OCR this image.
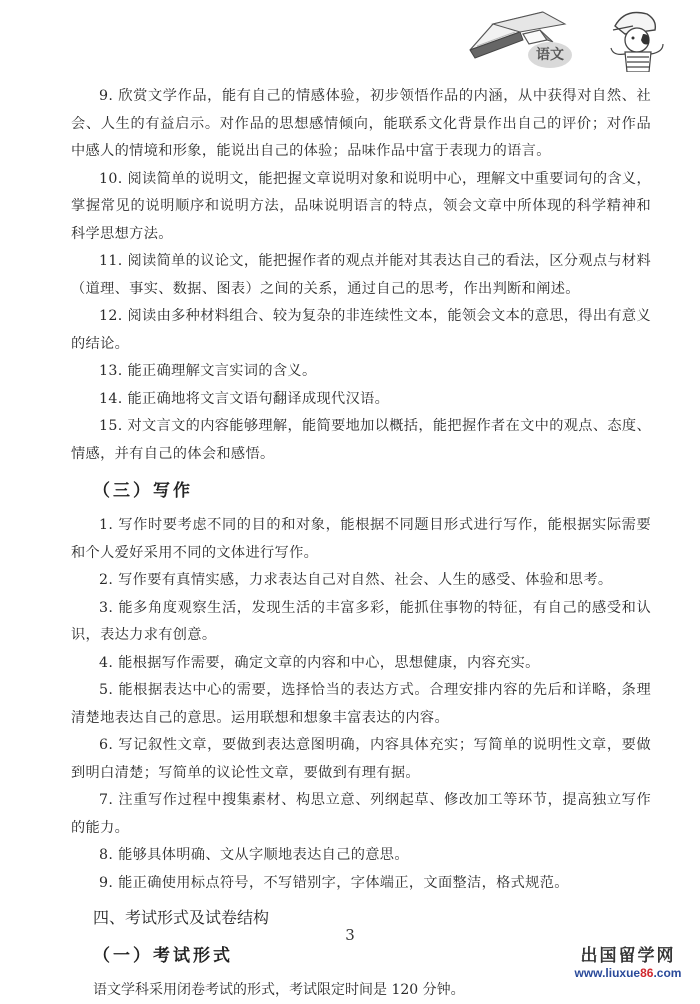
语文

9. 欣赏文学作品，能有自己的情感体验，初步领悟作品的内涵，从中获得对自然、社会、人生的有益启示。对作品的思想感情倾向，能联系文化背景作出自己的评价；对作品中感人的情境和形象，能说出自己的体验；品味作品中富于表现力的语言。

10. 阅读简单的说明文，能把握文章说明对象和说明中心，理解文中重要词句的含义，掌握常见的说明顺序和说明方法，品味说明语言的特点，领会文章中所体现的科学精神和科学思想方法。

11. 阅读简单的议论文，能把握作者的观点并能对其表达自己的看法，区分观点与材料（道理、事实、数据、图表）之间的关系，通过自己的思考，作出判断和阐述。

12. 阅读由多种材料组合、较为复杂的非连续性文本，能领会文本的意思，得出有意义的结论。

13. 能正确理解文言实词的含义。

14. 能正确地将文言文语句翻译成现代汉语。

15. 对文言文的内容能够理解，能简要地加以概括，能把握作者在文中的观点、态度、情感，并有自己的体会和感悟。

（三）写作

1. 写作时要考虑不同的目的和对象，能根据不同题目形式进行写作，能根据实际需要和个人爱好采用不同的文体进行写作。

2. 写作要有真情实感，力求表达自己对自然、社会、人生的感受、体验和思考。

3. 能多角度观察生活，发现生活的丰富多彩，能抓住事物的特征，有自己的感受和认识，表达力求有创意。

4. 能根据写作需要，确定文章的内容和中心，思想健康，内容充实。

5. 能根据表达中心的需要，选择恰当的表达方式。合理安排内容的先后和详略，条理清楚地表达自己的意思。运用联想和想象丰富表达的内容。

6. 写记叙性文章，要做到表达意图明确，内容具体充实；写简单的说明性文章，要做到明白清楚；写简单的议论性文章，要做到有理有据。

7. 注重写作过程中搜集素材、构思立意、列纲起草、修改加工等环节，提高独立写作的能力。

8. 能够具体明确、文从字顺地表达自己的意思。

9. 能正确使用标点符号，不写错别字，字体端正，文面整洁，格式规范。

四、考试形式及试卷结构
（一）考试形式

语文学科采用闭卷考试的形式，考试限定时间是 120 分钟。

3
出国留学网
www.liuxue86.com
